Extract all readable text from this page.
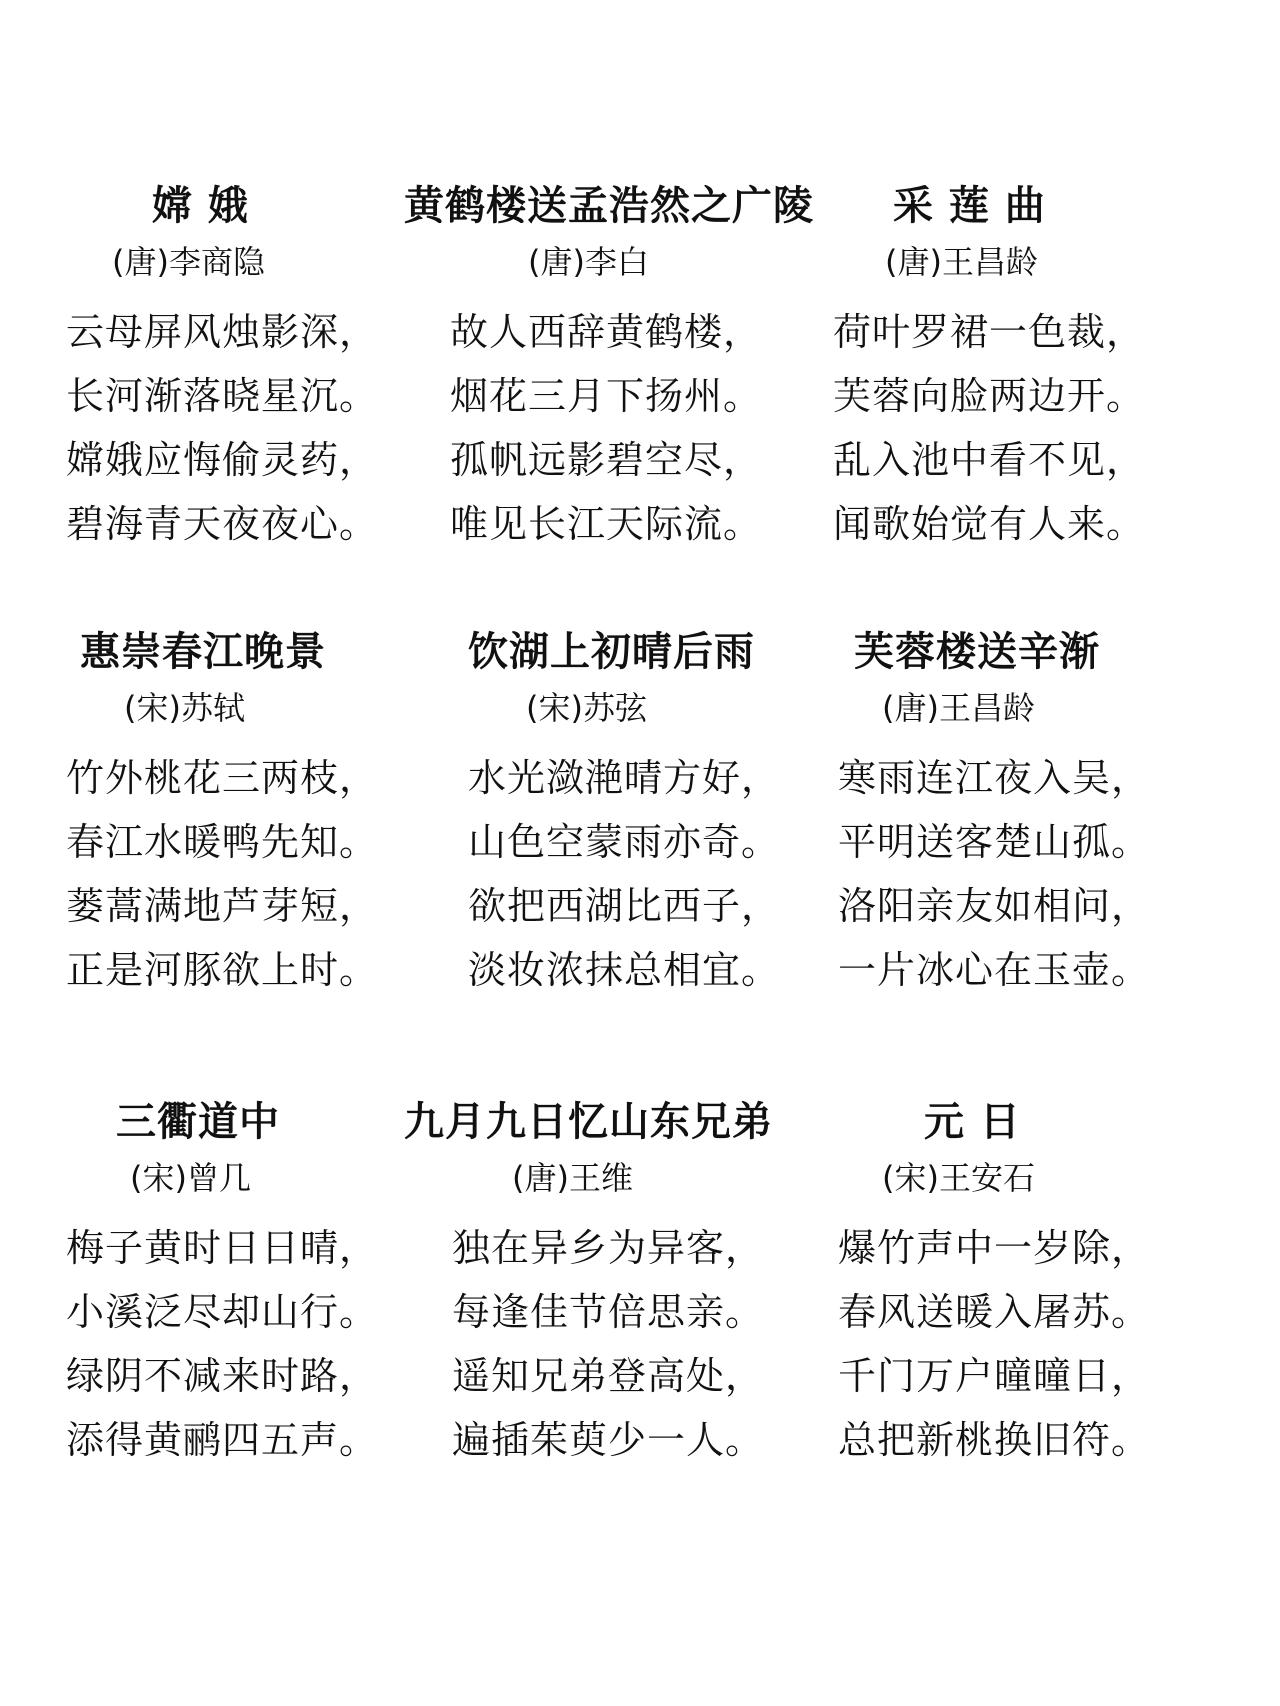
嫦 娥
(唐)李商隐
云母屏风烛影深，
长河渐落晓星沉。
嫦娥应悔偷灵药，
碧海青天夜夜心。
黄鹤楼送孟浩然之广陵
(唐)李白
故人西辞黄鹤楼，
烟花三月下扬州。
孤帆远影碧空尽，
唯见长江天际流。
采 莲 曲
(唐)王昌龄
荷叶罗裙一色裁，
芙蓉向脸两边开。
乱入池中看不见，
闻歌始觉有人来。
惠崇春江晚景
(宋)苏轼
竹外桃花三两枝，
春江水暖鸭先知。
蒌蒿满地芦芽短，
正是河豚欲上时。
饮湖上初晴后雨
(宋)苏弦
水光潋滟晴方好，
山色空蒙雨亦奇。
欲把西湖比西子，
淡妆浓抹总相宜。
芙蓉楼送辛渐
(唐)王昌龄
寒雨连江夜入吴，
平明送客楚山孤。
洛阳亲友如相问，
一片冰心在玉壶。
三衢道中
(宋)曾几
梅子黄时日日晴，
小溪泛尽却山行。
绿阴不减来时路，
添得黄鹂四五声。
九月九日忆山东兄弟
(唐)王维
独在异乡为异客，
每逢佳节倍思亲。
遥知兄弟登高处，
遍插茱萸少一人。
元 日
(宋)王安石
爆竹声中一岁除，
春风送暖入屠苏。
千门万户曈曈日，
总把新桃换旧符。
